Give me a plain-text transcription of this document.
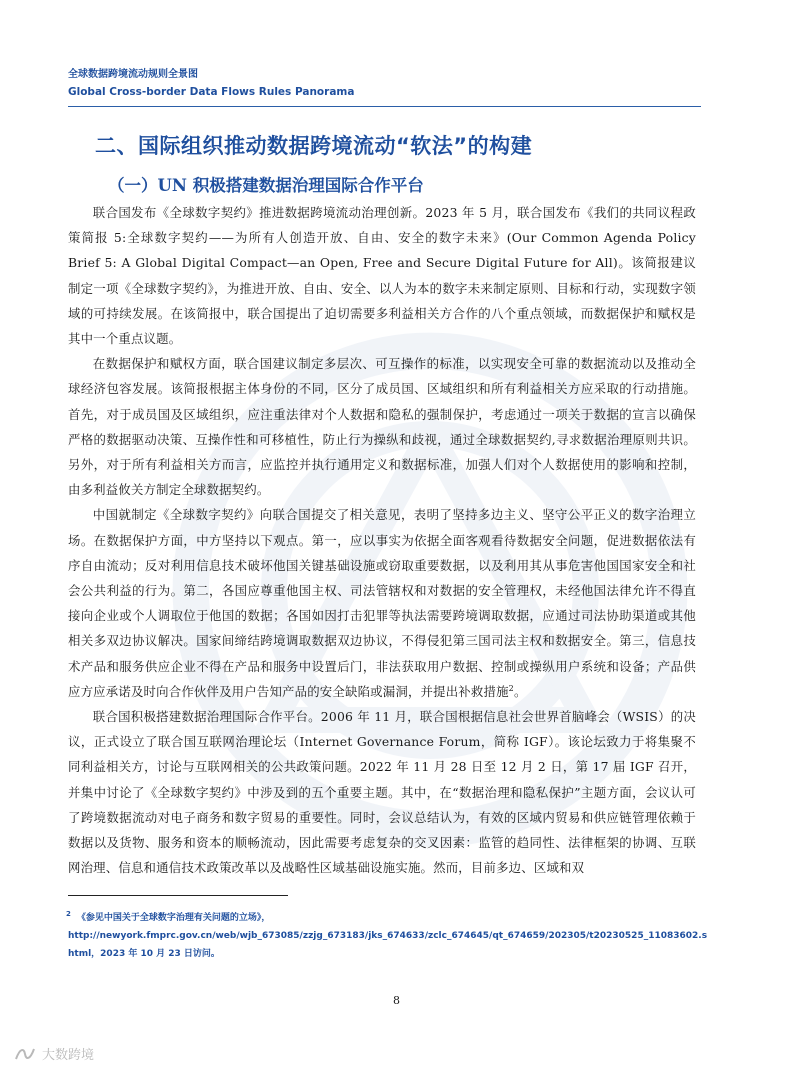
全球数据跨境流动规则全景图
Global Cross-border Data Flows Rules Panorama
二、国际组织推动数据跨境流动“软法”的构建
（一）UN 积极搭建数据治理国际合作平台

联合国发布《全球数字契约》推进数据跨境流动治理创新。2023 年 5 月，联合国发布《我们的共同议程政策简报 5:全球数字契约——为所有人创造开放、自由、安全的数字未来》(Our Common Agenda Policy Brief 5: A Global Digital Compact—an Open, Free and Secure Digital Future for All)。该简报建议制定一项《全球数字契约》，为推进开放、自由、安全、以人为本的数字未来制定原则、目标和行动，实现数字领域的可持续发展。在该简报中，联合国提出了迫切需要多利益相关方合作的八个重点领域，而数据保护和赋权是其中一个重点议题。

在数据保护和赋权方面，联合国建议制定多层次、可互操作的标准，以实现安全可靠的数据流动以及推动全球经济包容发展。该简报根据主体身份的不同，区分了成员国、区域组织和所有利益相关方应采取的行动措施。首先，对于成员国及区域组织，应注重法律对个人数据和隐私的强制保护，考虑通过一项关于数据的宣言以确保严格的数据驱动决策、互操作性和可移植性，防止行为操纵和歧视，通过全球数据契约,寻求数据治理原则共识。另外，对于所有利益相关方而言，应监控并执行通用定义和数据标准，加强人们对个人数据使用的影响和控制，由多利益攸关方制定全球数据契约。

中国就制定《全球数字契约》向联合国提交了相关意见，表明了坚持多边主义、坚守公平正义的数字治理立场。在数据保护方面，中方坚持以下观点。第一，应以事实为依据全面客观看待数据安全问题，促进数据依法有序自由流动；反对利用信息技术破坏他国关键基础设施或窃取重要数据，以及利用其从事危害他国国家安全和社会公共利益的行为。第二，各国应尊重他国主权、司法管辖权和对数据的安全管理权，未经他国法律允许不得直接向企业或个人调取位于他国的数据；各国如因打击犯罪等执法需要跨境调取数据，应通过司法协助渠道或其他相关多双边协议解决。国家间缔结跨境调取数据双边协议，不得侵犯第三国司法主权和数据安全。第三，信息技术产品和服务供应企业不得在产品和服务中设置后门，非法获取用户数据、控制或操纵用户系统和设备；产品供应方应承诺及时向合作伙伴及用户告知产品的安全缺陷或漏洞，并提出补救措施$^2$。

联合国积极搭建数据治理国际合作平台。2006 年 11 月，联合国根据信息社会世界首脑峰会（WSIS）的决议，正式设立了联合国互联网治理论坛（Internet Governance Forum，简称 IGF）。该论坛致力于将集聚不同利益相关方，讨论与互联网相关的公共政策问题。2022 年 11 月 28 日至 12 月 2 日，第 17 届 IGF 召开，并集中讨论了《全球数字契约》中涉及到的五个重要主题。其中，在“数据治理和隐私保护”主题方面，会议认可了跨境数据流动对电子商务和数字贸易的重要性。同时，会议总结认为，有效的区域内贸易和供应链管理依赖于数据以及货物、服务和资本的顺畅流动，因此需要考虑复杂的交叉因素：监管的趋同性、法律框架的协调、互联网治理、信息和通信技术政策改革以及战略性区域基础设施实施。然而，目前多边、区域和双

$^2$ 《参见中国关于全球数字治理有关问题的立场》，
http://newyork.fmprc.gov.cn/web/wjb_673085/zzjg_673183/jks_674633/zclc_674645/qt_674659/202305/t20230525_11083602.shtml，2023 年 10 月 23 日访问。
8
大数跨境
